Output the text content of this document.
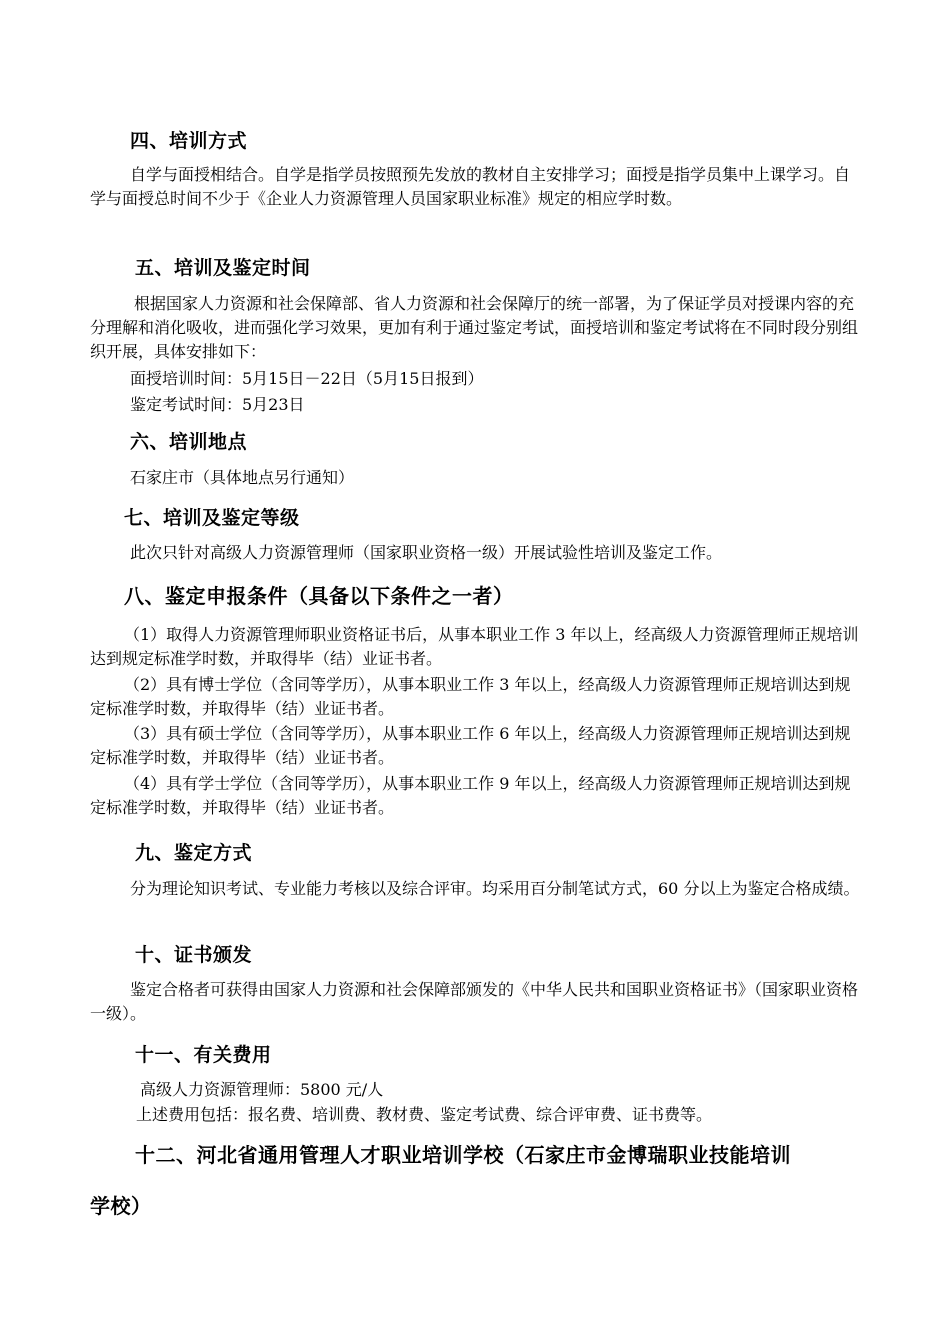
四、培训方式
自学与面授相结合。自学是指学员按照预先发放的教材自主安排学习；面授是指学员集中上课学习。自学与面授总时间不少于《企业人力资源管理人员国家职业标准》规定的相应学时数。
五、培训及鉴定时间
根据国家人力资源和社会保障部、省人力资源和社会保障厅的统一部署，为了保证学员对授课内容的充分理解和消化吸收，进而强化学习效果，更加有利于通过鉴定考试，面授培训和鉴定考试将在不同时段分别组织开展，具体安排如下：
面授培训时间：5月15日－22日（5月15日报到）
鉴定考试时间：5月23日
六、培训地点
石家庄市（具体地点另行通知）
七、培训及鉴定等级
此次只针对高级人力资源管理师（国家职业资格一级）开展试验性培训及鉴定工作。
八、鉴定申报条件（具备以下条件之一者）
（1）取得人力资源管理师职业资格证书后，从事本职业工作 3 年以上，经高级人力资源管理师正规培训达到规定标准学时数，并取得毕（结）业证书者。
（2）具有博士学位（含同等学历），从事本职业工作 3 年以上，经高级人力资源管理师正规培训达到规定标准学时数，并取得毕（结）业证书者。
（3）具有硕士学位（含同等学历），从事本职业工作 6 年以上，经高级人力资源管理师正规培训达到规定标准学时数，并取得毕（结）业证书者。
（4）具有学士学位（含同等学历），从事本职业工作 9 年以上，经高级人力资源管理师正规培训达到规定标准学时数，并取得毕（结）业证书者。
九、鉴定方式
分为理论知识考试、专业能力考核以及综合评审。均采用百分制笔试方式，60 分以上为鉴定合格成绩。
十、证书颁发
鉴定合格者可获得由国家人力资源和社会保障部颁发的《中华人民共和国职业资格证书》（国家职业资格一级）。
十一、有关费用
高级人力资源管理师：5800 元/人
上述费用包括：报名费、培训费、教材费、鉴定考试费、综合评审费、证书费等。
十二、河北省通用管理人才职业培训学校（石家庄市金博瑞职业技能培训
学校）
